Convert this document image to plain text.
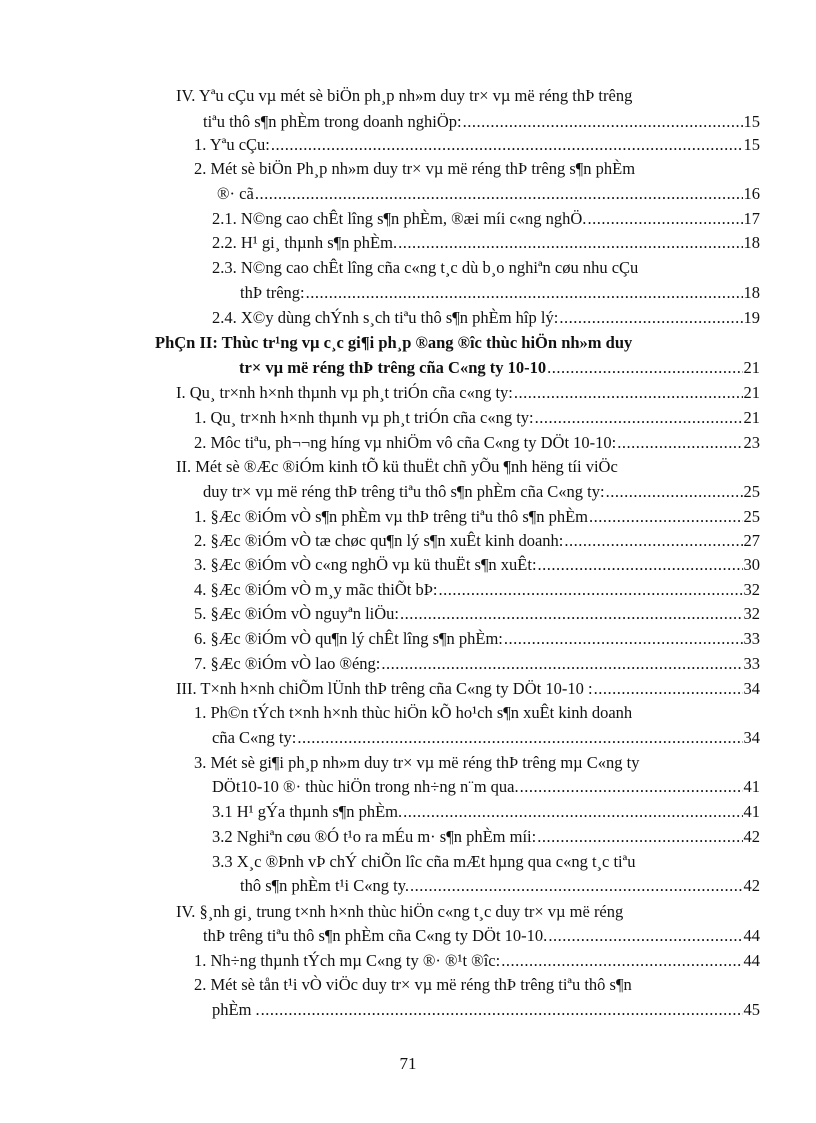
IV. Yªu cÇu vµ mét sè biÖn ph¸p nh»m duy tr× vµ më réng thÞ trêng
tiªu thô s¶n phÈm trong doanh nghiÖp: .....	15
1. Yªu cÇu: .....	15
2. Mét sè biÖn Ph¸p nh»m duy tr× vµ më réng thÞ trêng s¶n phÈm
®· cã .....	16
2.1. N©ng cao chÊt lîng s¶n phÈm, ®æi míi c«ng nghÖ. .....	17
2.2. H¹ gi¸ thµnh s¶n phÈm. .....	18
2.3. N©ng cao chÊt lîng cña c«ng t¸c dù b¸o nghiªn cøu nhu cÇu
thÞ trêng: .....	18
2.4. X©y dùng chÝnh s¸ch tiªu thô s¶n phÈm hîp lý: .....	19
PhÇn II: Thùc tr¹ng vµ c¸c gi¶i ph¸p ®ang ®îc thùc hiÖn nh»m duy
tr× vµ më réng thÞ trêng cña C«ng ty 10-10 .....	21
I. Qu¸ tr×nh h×nh thµnh vµ ph¸t triÓn cña c«ng ty: .....	21
1. Qu¸ tr×nh h×nh thµnh vµ ph¸t triÓn cña c«ng ty: .....	21
2. Môc tiªu, ph¬¬ng híng vµ nhiÖm vô cña C«ng ty DÖt 10-10: .....	23
II. Mét sè ®Æc ®iÓm kinh tÕ kü thuËt chñ yÕu ¶nh hëng tíi viÖc
duy tr× vµ më réng thÞ trêng tiªu thô s¶n phÈm cña C«ng ty: .....	25
1. §Æc ®iÓm vÒ s¶n phÈm vµ thÞ trêng tiªu thô s¶n phÈm .....	25
2. §Æc ®iÓm vÒ tæ chøc qu¶n lý s¶n xuÊt kinh doanh: .....	27
3. §Æc ®iÓm vÒ c«ng nghÖ vµ kü thuËt s¶n xuÊt: .....	30
4. §Æc ®iÓm vÒ m¸y mãc thiÕt bÞ: .....	32
5. §Æc ®iÓm vÒ nguyªn liÖu: .....	32
6. §Æc ®iÓm vÒ qu¶n lý chÊt lîng s¶n phÈm: .....	33
7. §Æc ®iÓm vÒ lao ®éng: .....	33
III. T×nh h×nh chiÕm lÜnh thÞ trêng cña C«ng ty DÖt 10-10 : .....	34
1. Ph©n tÝch t×nh h×nh thùc hiÖn kÕ ho¹ch s¶n xuÊt kinh doanh
cña C«ng ty: .....	34
3. Mét sè gi¶i ph¸p nh»m duy tr× vµ më réng thÞ trêng mµ C«ng ty
DÖt10-10 ®· thùc hiÖn trong nh÷ng n¨m qua. .....	41
3.1 H¹ gÝa thµnh s¶n phÈm. .....	41
3.2 Nghiªn cøu ®Ó t¹o ra mÉu m· s¶n phÈm míi: .....	42
3.3 X¸c ®Þnh vÞ chÝ chiÕn lîc cña mÆt hµng qua c«ng t¸c tiªu
thô s¶n phÈm t¹i C«ng ty. .....	42
IV. §¸nh gi¸ trung t×nh h×nh thùc hiÖn c«ng t¸c duy tr× vµ më réng
thÞ trêng tiªu thô s¶n phÈm cña C«ng ty DÖt 10-10. .....	44
1. Nh÷ng thµnh tÝch mµ C«ng ty ®· ®¹t ®îc: .....	44
2. Mét sè tån t¹i vÒ viÖc duy tr× vµ më réng thÞ trêng tiªu thô s¶n
phÈm . .....	45
71
